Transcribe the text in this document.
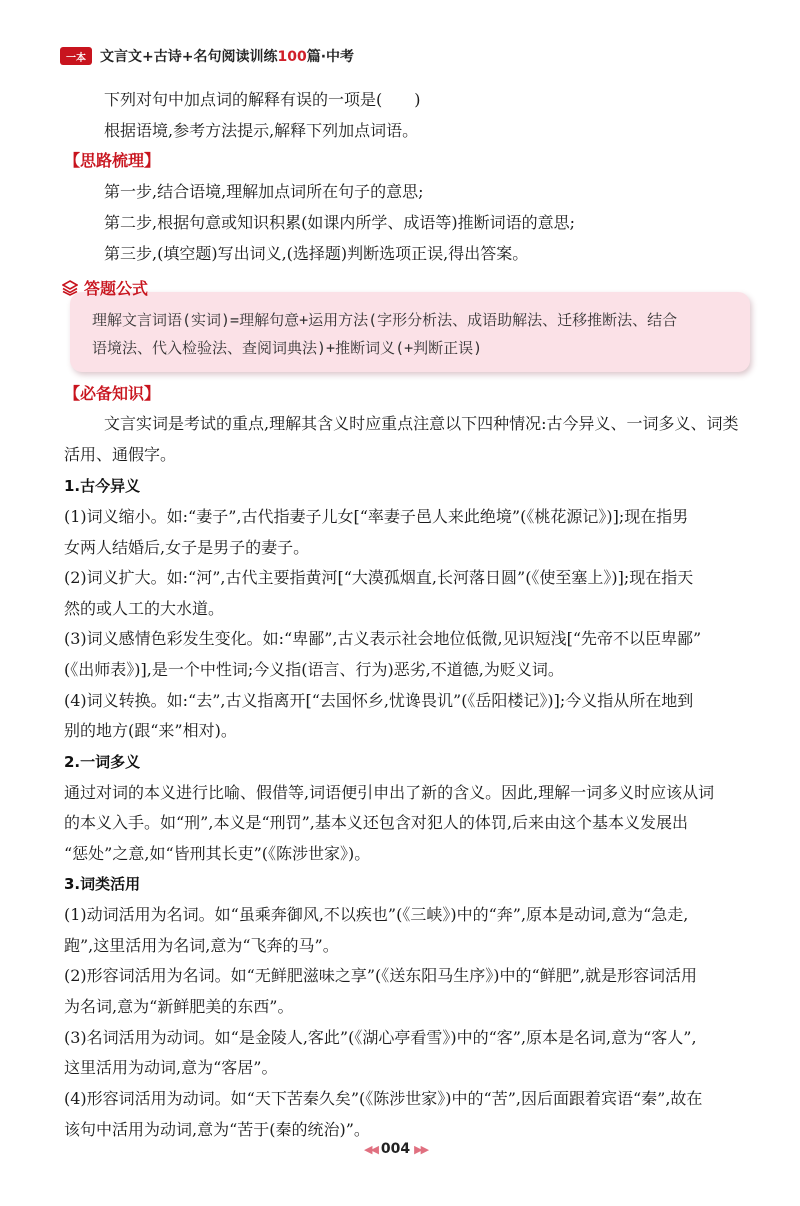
一本	文言文+古诗+名句阅读训练100篇·中考
下列对句中加点词的解释有误的一项是(　　)
根据语境,参考方法提示,解释下列加点词语。
【思路梳理】
第一步,结合语境,理解加点词所在句子的意思;
第二步,根据句意或知识积累(如课内所学、成语等)推断词语的意思;
第三步,(填空题)写出词义,(选择题)判断选项正误,得出答案。
理解文言词语(实词)=理解句意+运用方法(字形分析法、成语助解法、迁移推断法、结合
语境法、代入检验法、查阅词典法)+推断词义(+判断正误)
答题公式
【必备知识】
文言实词是考试的重点,理解其含义时应重点注意以下四种情况:古今异义、一词多义、词类
活用、通假字。
1.古今异义
(1)词义缩小。如:“妻子”,古代指妻子儿女[“率妻子邑人来此绝境”(《桃花源记》)];现在指男
女两人结婚后,女子是男子的妻子。
(2)词义扩大。如:“河”,古代主要指黄河[“大漠孤烟直,长河落日圆”(《使至塞上》)];现在指天
然的或人工的大水道。
(3)词义感情色彩发生变化。如:“卑鄙”,古义表示社会地位低微,见识短浅[“先帝不以臣卑鄙”
(《出师表》)],是一个中性词;今义指(语言、行为)恶劣,不道德,为贬义词。
(4)词义转换。如:“去”,古义指离开[“去国怀乡,忧谗畏讥”(《岳阳楼记》)];今义指从所在地到
别的地方(跟“来”相对)。
2.一词多义
通过对词的本义进行比喻、假借等,词语便引申出了新的含义。因此,理解一词多义时应该从词
的本义入手。如“刑”,本义是“刑罚”,基本义还包含对犯人的体罚,后来由这个基本义发展出
“惩处”之意,如“皆刑其长吏”(《陈涉世家》)。
3.词类活用
(1)动词活用为名词。如“虽乘奔御风,不以疾也”(《三峡》)中的“奔”,原本是动词,意为“急走,
跑”,这里活用为名词,意为“飞奔的马”。
(2)形容词活用为名词。如“无鲜肥滋味之享”(《送东阳马生序》)中的“鲜肥”,就是形容词活用
为名词,意为“新鲜肥美的东西”。
(3)名词活用为动词。如“是金陵人,客此”(《湖心亭看雪》)中的“客”,原本是名词,意为“客人”,
这里活用为动词,意为“客居”。
(4)形容词活用为动词。如“天下苦秦久矣”(《陈涉世家》)中的“苦”,因后面跟着宾语“秦”,故在
该句中活用为动词,意为“苦于(秦的统治)”。
◀◀ 004 ▶▶
